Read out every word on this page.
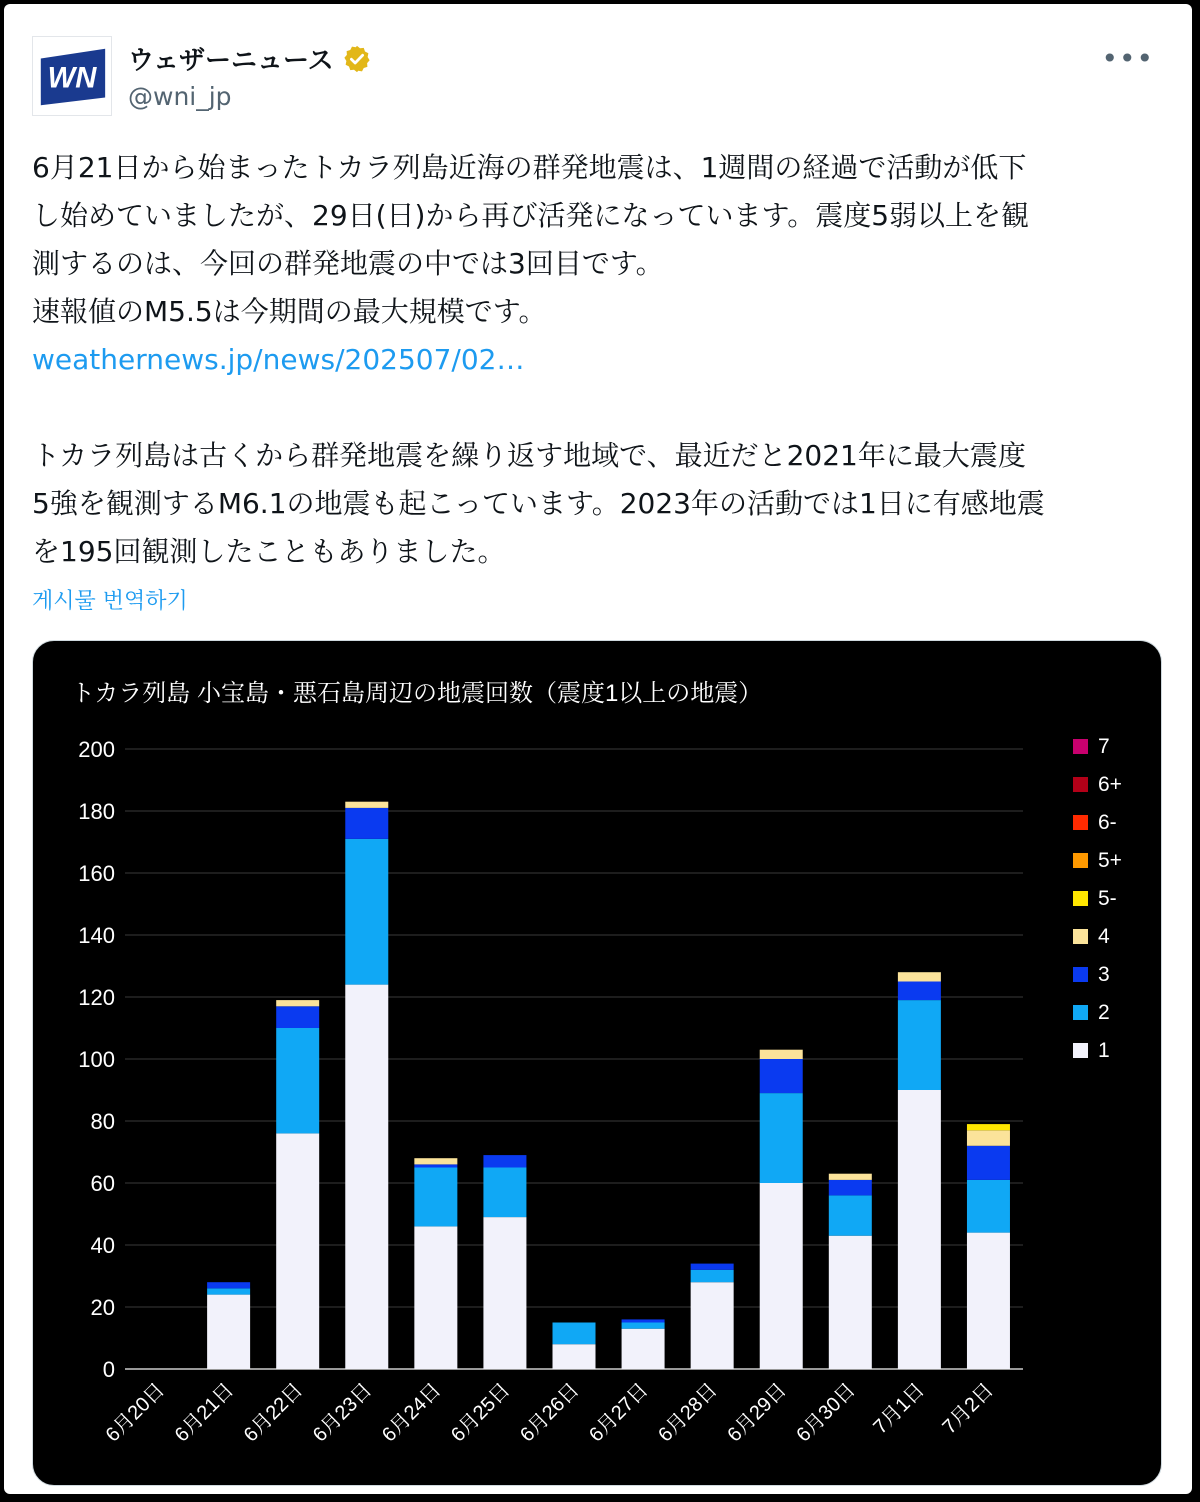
WN
ウェザーニュース
@wni_jp
•••

6月21日から始まったトカラ列島近海の群発地震は、1週間の経過で活動が低下

し始めていましたが、29日(日)から再び活発になっています。震度5弱以上を観

測するのは、今回の群発地震の中では3回目です。

速報値のM5.5は今期間の最大規模です。

weathernews.jp/news/202507/02…

トカラ列島は古くから群発地震を繰り返す地域で、最近だと2021年に最大震度

5強を観測するM6.1の地震も起こっています。2023年の活動では1日に有感地震

を195回観測したこともありました。

게시물 번역하기
トカラ列島 小宝島・悪石島周辺の地震回数（震度1以上の地震）
0
20
40
60
80
100
120
140
160
180
200
6月20日 6月21日 6月22日 6月23日 6月24日 6月25日 6月26日 6月27日 6月28日 6月29日 6月30日 7月1日 7月2日
7
6+
6-
5+
5-
4
3
2
1
